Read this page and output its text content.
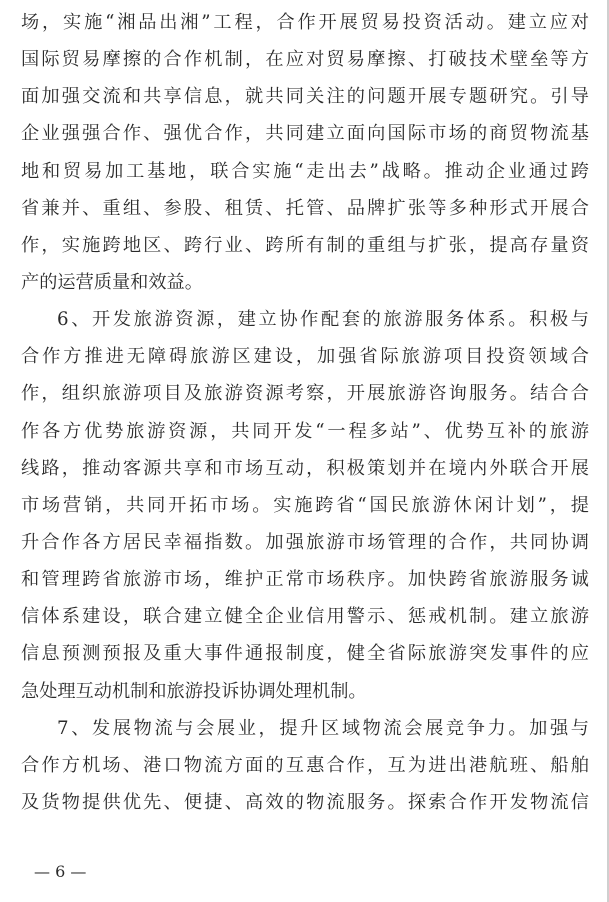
场，实施“湘品出湘”工程，合作开展贸易投资活动。建立应对
国际贸易摩擦的合作机制，在应对贸易摩擦、打破技术壁垒等方
面加强交流和共享信息，就共同关注的问题开展专题研究。引导
企业强强合作、强优合作，共同建立面向国际市场的商贸物流基
地和贸易加工基地，联合实施“走出去”战略。推动企业通过跨
省兼并、重组、参股、租赁、托管、品牌扩张等多种形式开展合
作，实施跨地区、跨行业、跨所有制的重组与扩张，提高存量资
产的运营质量和效益。
6、开发旅游资源，建立协作配套的旅游服务体系。积极与
合作方推进无障碍旅游区建设，加强省际旅游项目投资领域合
作，组织旅游项目及旅游资源考察，开展旅游咨询服务。结合合
作各方优势旅游资源，共同开发“一程多站”、优势互补的旅游
线路，推动客源共享和市场互动，积极策划并在境内外联合开展
市场营销，共同开拓市场。实施跨省“国民旅游休闲计划”，提
升合作各方居民幸福指数。加强旅游市场管理的合作，共同协调
和管理跨省旅游市场，维护正常市场秩序。加快跨省旅游服务诚
信体系建设，联合建立健全企业信用警示、惩戒机制。建立旅游
信息预测预报及重大事件通报制度，健全省际旅游突发事件的应
急处理互动机制和旅游投诉协调处理机制。
7、发展物流与会展业，提升区域物流会展竞争力。加强与
合作方机场、港口物流方面的互惠合作，互为进出港航班、船舶
及货物提供优先、便捷、高效的物流服务。探索合作开发物流信
— 6 —
